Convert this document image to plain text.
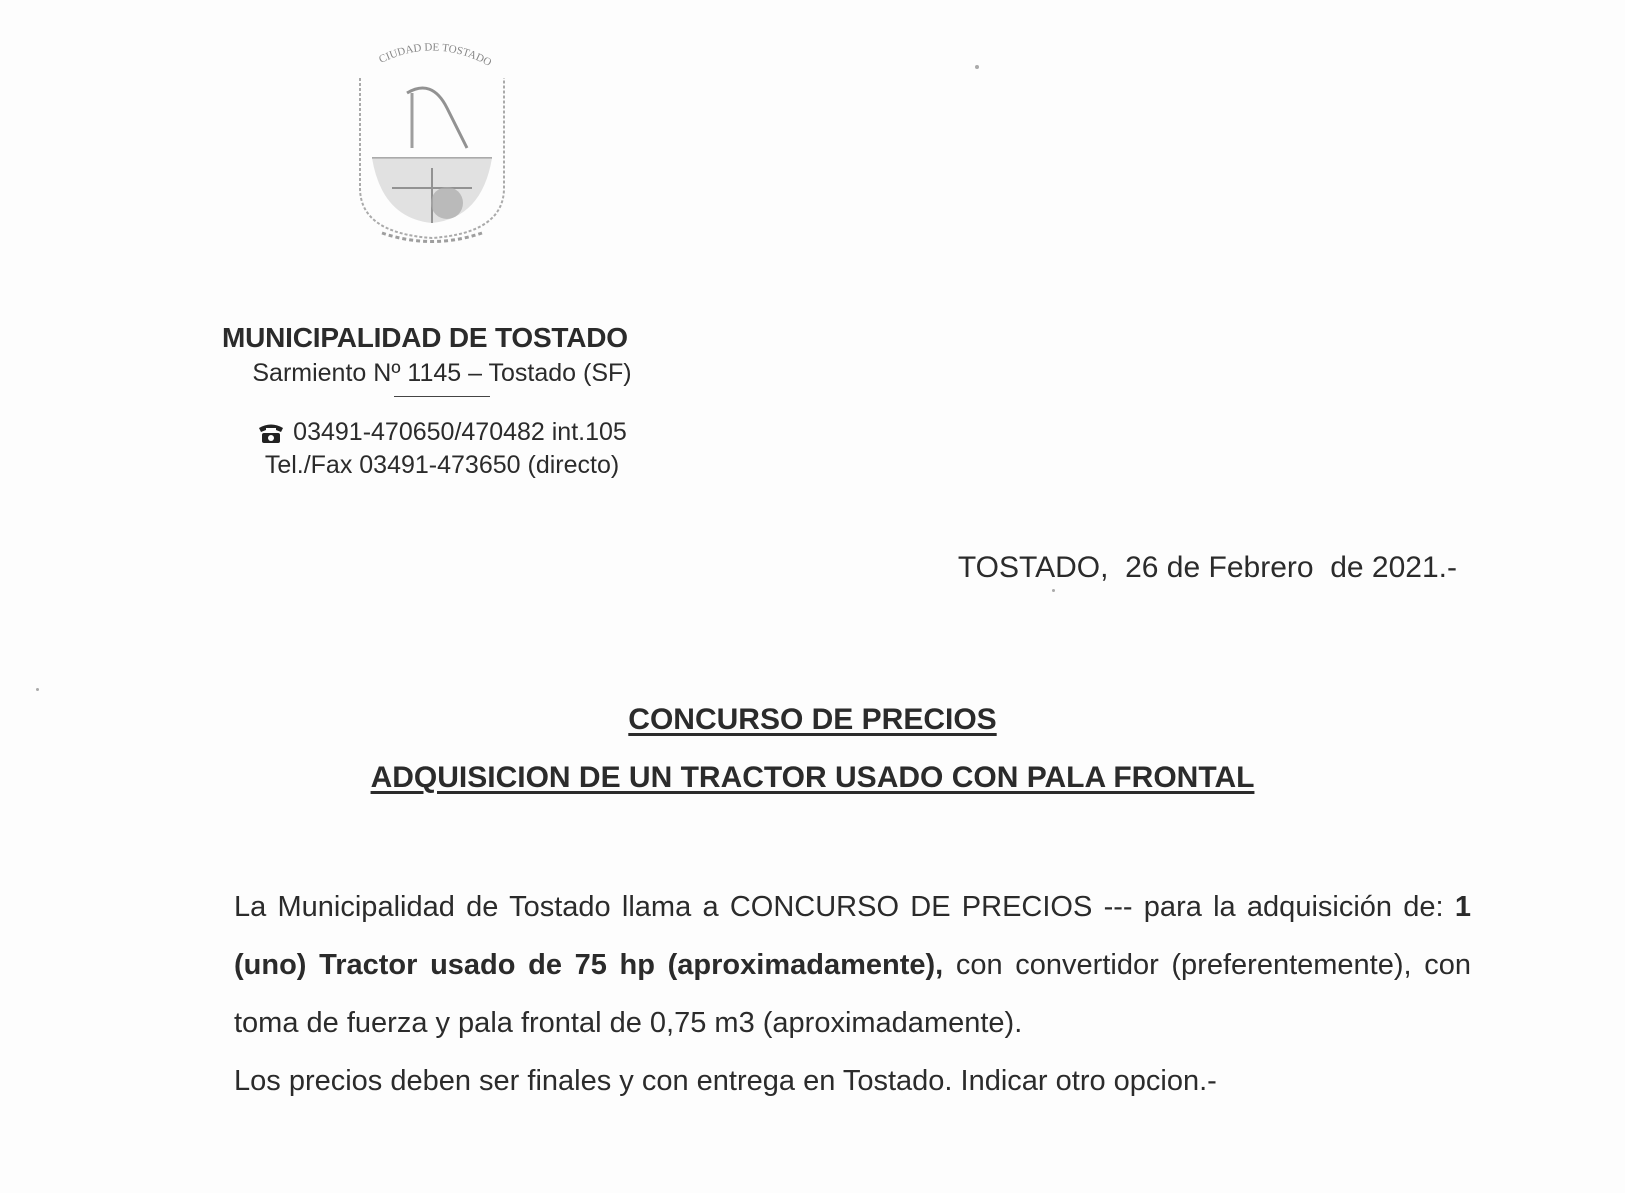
CIUDAD DE TOSTADO
MUNICIPALIDAD DE TOSTADO
Sarmiento Nº 1145 – Tostado (SF)
03491-470650/470482 int.105
Tel./Fax 03491-473650 (directo)
TOSTADO,  26 de Febrero  de 2021.-
CONCURSO DE PRECIOS
ADQUISICION DE UN TRACTOR USADO CON PALA FRONTAL

La Municipalidad de Tostado llama a CONCURSO DE PRECIOS --- para la adquisición de: 1 (uno) Tractor usado de 75 hp (aproximadamente), con convertidor (preferentemente), con toma de fuerza y pala frontal de 0,75 m3 (aproximadamente).

Los precios deben ser finales y con entrega en Tostado. Indicar otro opcion.-
